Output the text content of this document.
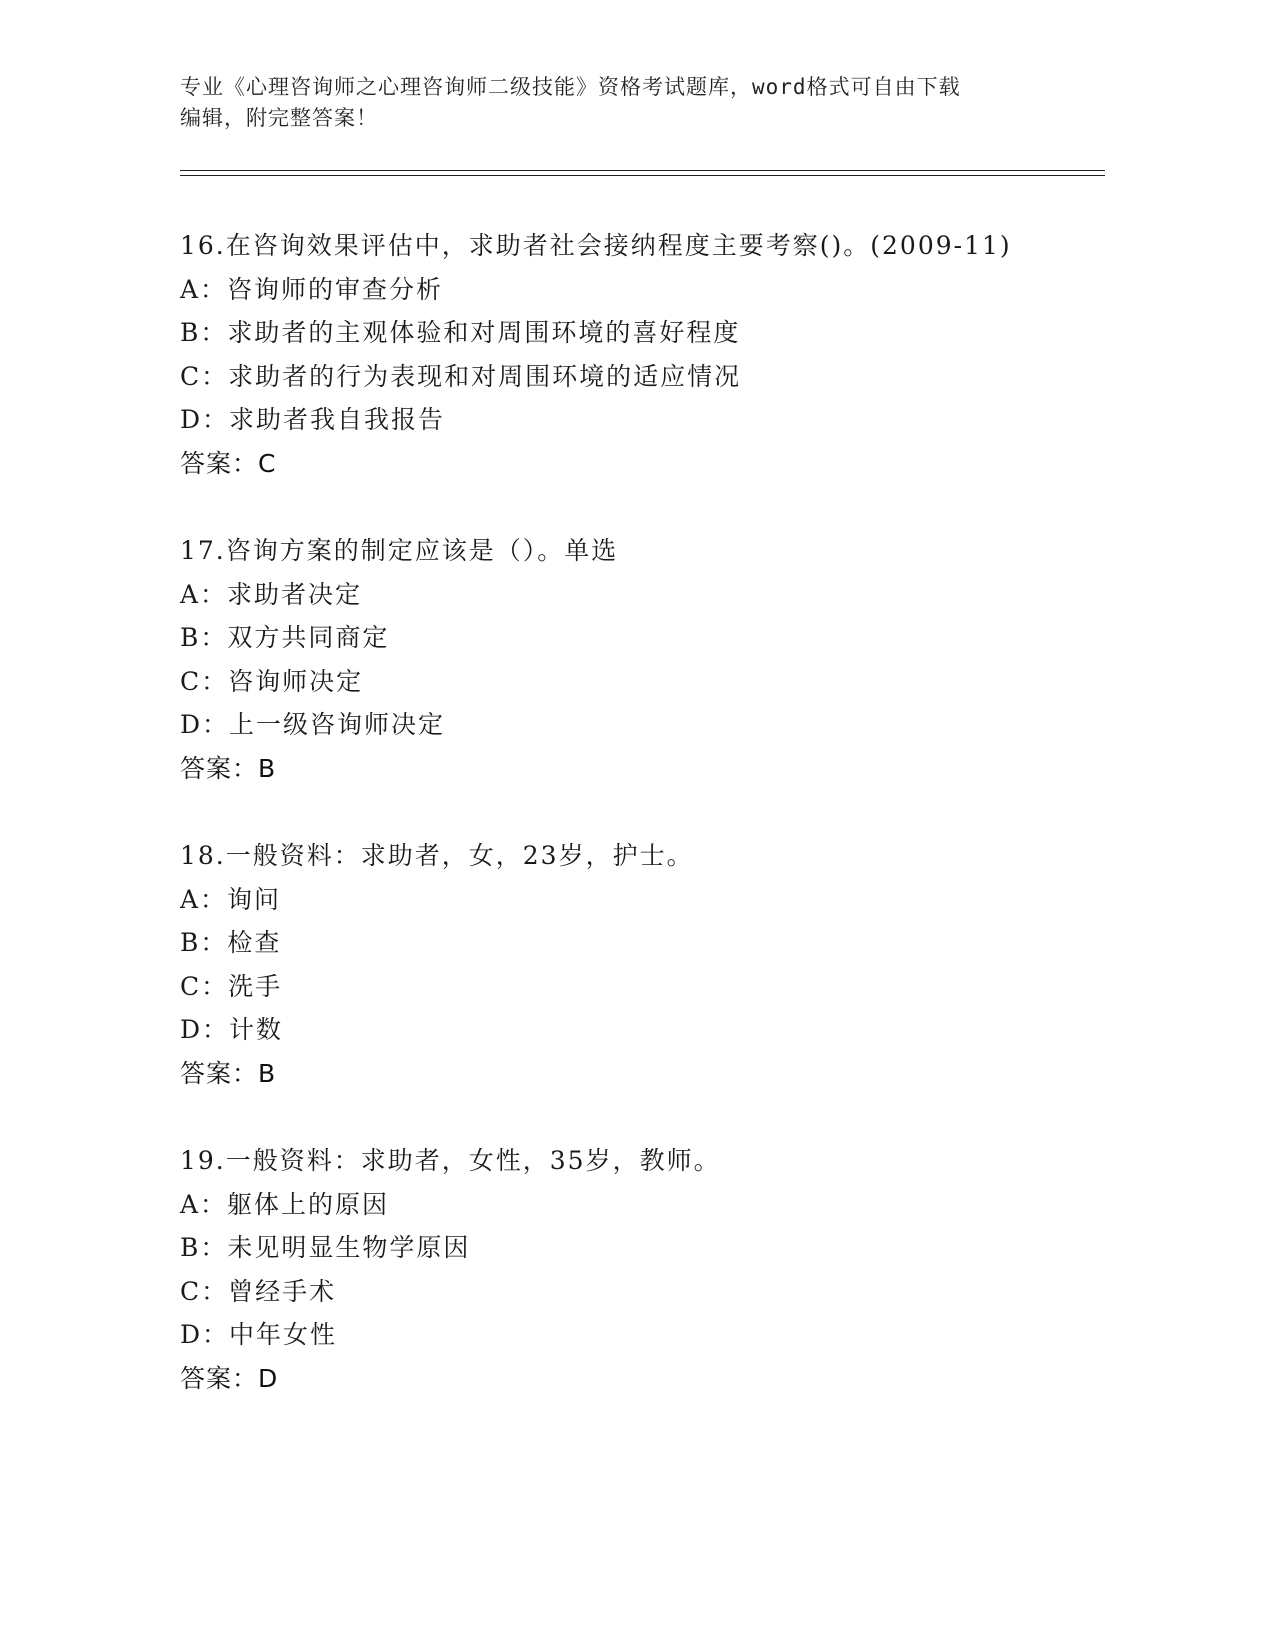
专业《心理咨询师之心理咨询师二级技能》资格考试题库，word格式可自由下载
编辑，附完整答案！
16.在咨询效果评估中，求助者社会接纳程度主要考察()。(2009-11)
A：咨询师的审查分析
B：求助者的主观体验和对周围环境的喜好程度
C：求助者的行为表现和对周围环境的适应情况
D：求助者我自我报告
答案：C
17.咨询方案的制定应该是（）。单选
A：求助者决定
B：双方共同商定
C：咨询师决定
D：上一级咨询师决定
答案：B
18.一般资料：求助者，女，23岁，护士。
A：询问
B：检查
C：洗手
D：计数
答案：B
19.一般资料：求助者，女性，35岁，教师。
A：躯体上的原因
B：未见明显生物学原因
C：曾经手术
D：中年女性
答案：D
